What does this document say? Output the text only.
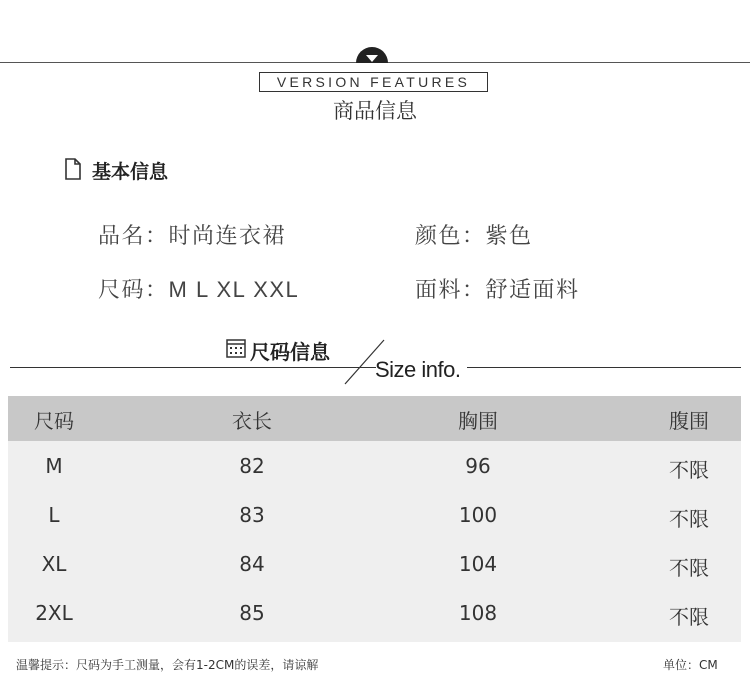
VERSION FEATURES
商品信息
基本信息
品名：时尚连衣裙	颜色：紫色
尺码：M L XL XXL	面料：舒适面料
尺码信息
Size info.
尺码	衣长	胸围	腹围
M	82	96	不限
L	83	100	不限
XL	84	104	不限
2XL	85	108	不限
温馨提示：尺码为手工测量，会有1-2CM的误差，请谅解	单位：CM
